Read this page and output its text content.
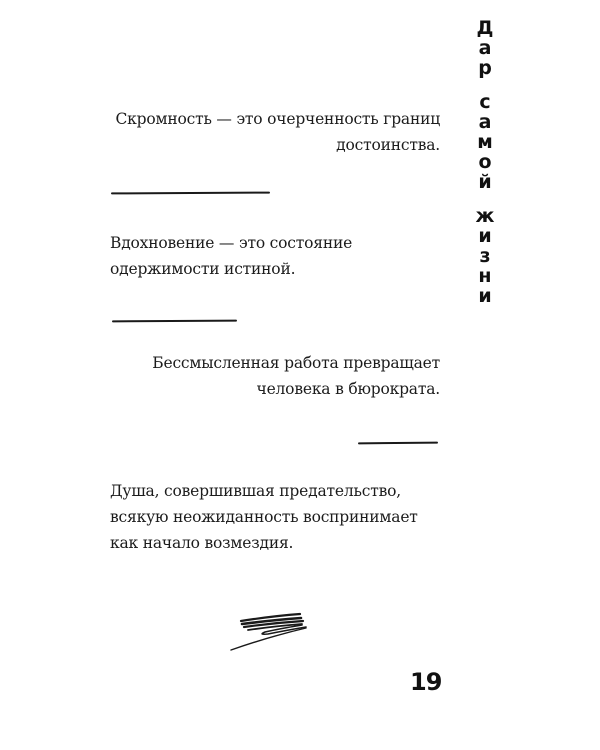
Д
а
р
с
а
м
о
й
ж
и
з
н
и
Скромность — это очерченность границ
достоинства.
Вдохновение — это состояние
одержимости истиной.
Бессмысленная работа превращает
человека в бюрократа.
Душа, совершившая предательство,
всякую неожиданность воспринимает
как начало возмездия.
19
